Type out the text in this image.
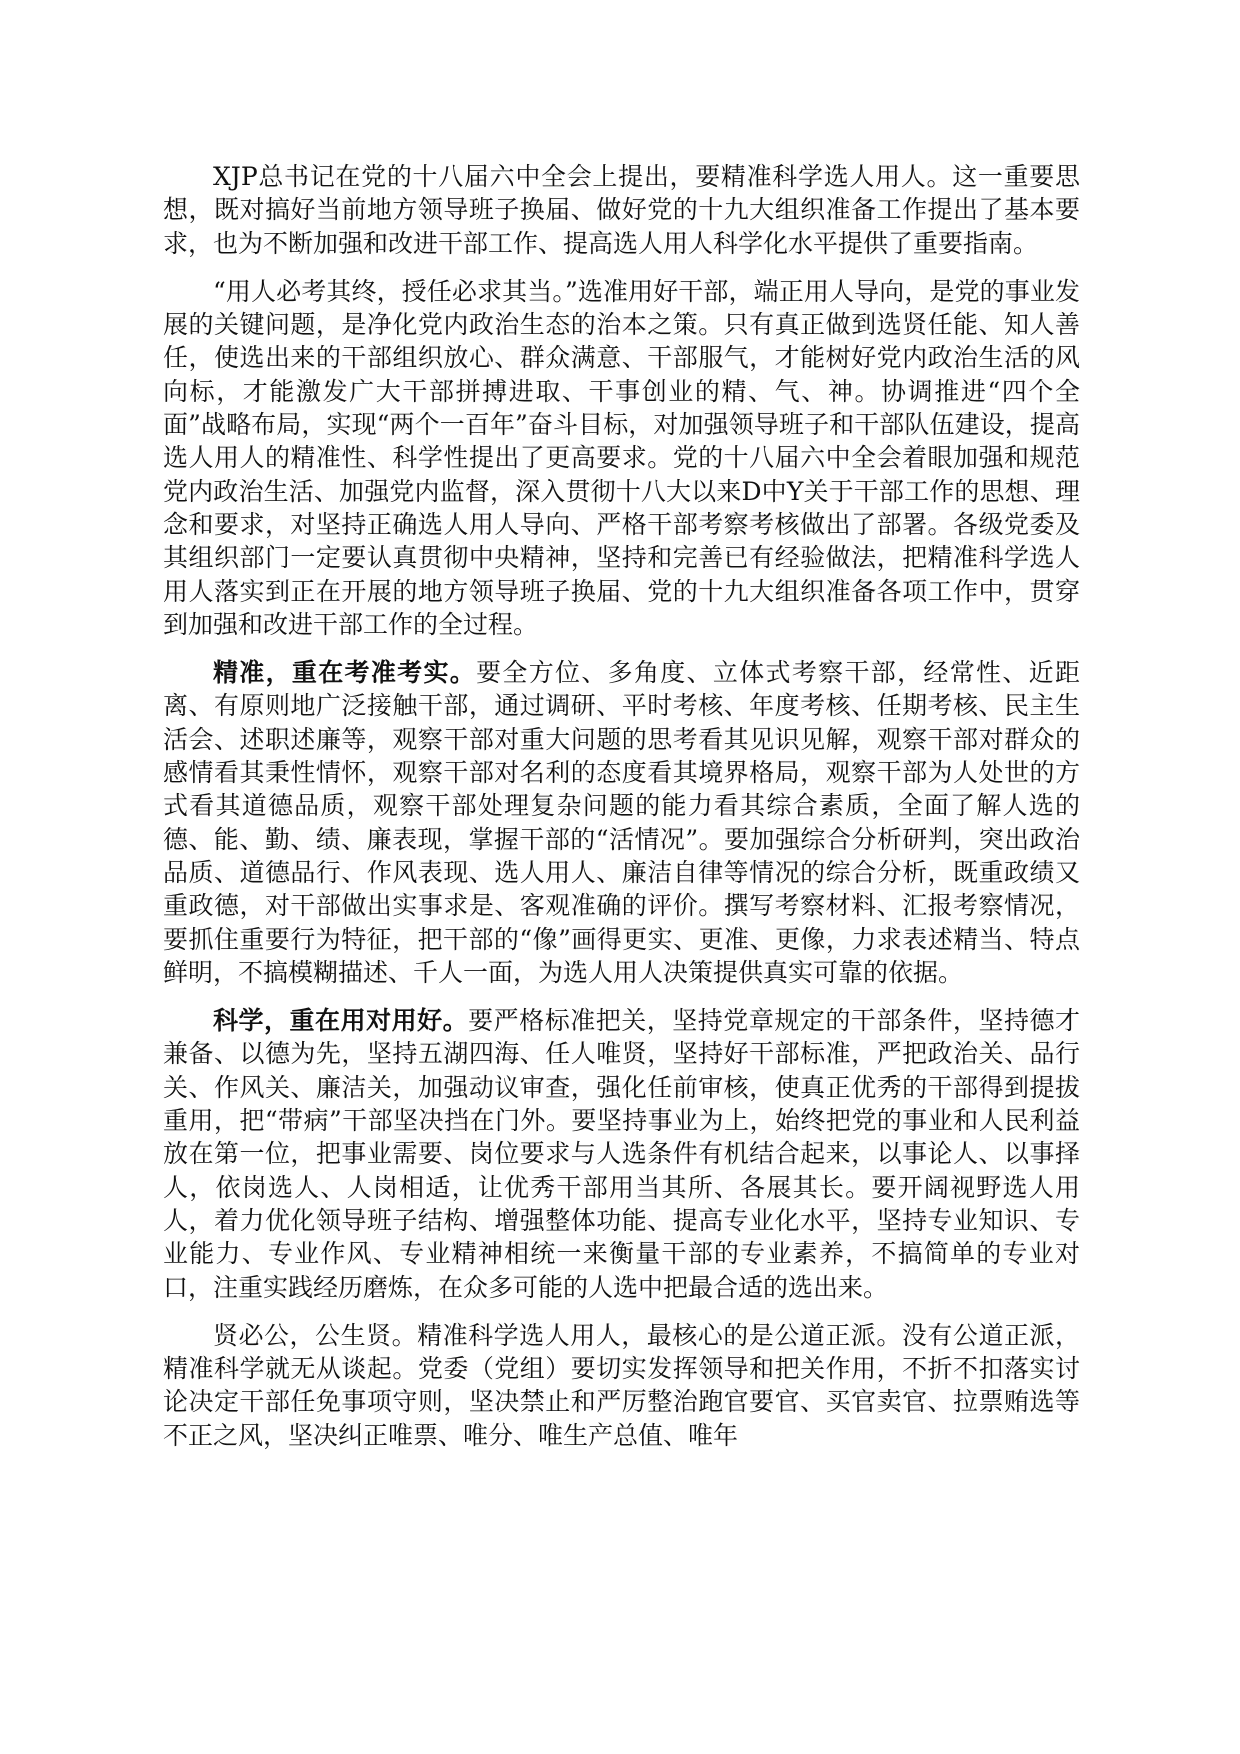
XJP总书记在党的十八届六中全会上提出，要精准科学选人用人。这一重要思想，既对搞好当前地方领导班子换届、做好党的十九大组织准备工作提出了基本要求，也为不断加强和改进干部工作、提高选人用人科学化水平提供了重要指南。

“用人必考其终，授任必求其当。”选准用好干部，端正用人导向，是党的事业发展的关键问题，是净化党内政治生态的治本之策。只有真正做到选贤任能、知人善任，使选出来的干部组织放心、群众满意、干部服气，才能树好党内政治生活的风向标，才能激发广大干部拼搏进取、干事创业的精、气、神。协调推进“四个全面”战略布局，实现“两个一百年”奋斗目标，对加强领导班子和干部队伍建设，提高选人用人的精准性、科学性提出了更高要求。党的十八届六中全会着眼加强和规范党内政治生活、加强党内监督，深入贯彻十八大以来D中Y关于干部工作的思想、理念和要求，对坚持正确选人用人导向、严格干部考察考核做出了部署。各级党委及其组织部门一定要认真贯彻中央精神，坚持和完善已有经验做法，把精准科学选人用人落实到正在开展的地方领导班子换届、党的十九大组织准备各项工作中，贯穿到加强和改进干部工作的全过程。

精准，重在考准考实。要全方位、多角度、立体式考察干部，经常性、近距离、有原则地广泛接触干部，通过调研、平时考核、年度考核、任期考核、民主生活会、述职述廉等，观察干部对重大问题的思考看其见识见解，观察干部对群众的感情看其秉性情怀，观察干部对名利的态度看其境界格局，观察干部为人处世的方式看其道德品质，观察干部处理复杂问题的能力看其综合素质，全面了解人选的德、能、勤、绩、廉表现，掌握干部的“活情况”。要加强综合分析研判，突出政治品质、道德品行、作风表现、选人用人、廉洁自律等情况的综合分析，既重政绩又重政德，对干部做出实事求是、客观准确的评价。撰写考察材料、汇报考察情况，要抓住重要行为特征，把干部的“像”画得更实、更准、更像，力求表述精当、特点鲜明，不搞模糊描述、千人一面，为选人用人决策提供真实可靠的依据。

科学，重在用对用好。要严格标准把关，坚持党章规定的干部条件，坚持德才兼备、以德为先，坚持五湖四海、任人唯贤，坚持好干部标准，严把政治关、品行关、作风关、廉洁关，加强动议审查，强化任前审核，使真正优秀的干部得到提拔重用，把“带病”干部坚决挡在门外。要坚持事业为上，始终把党的事业和人民利益放在第一位，把事业需要、岗位要求与人选条件有机结合起来，以事论人、以事择人，依岗选人、人岗相适，让优秀干部用当其所、各展其长。要开阔视野选人用人，着力优化领导班子结构、增强整体功能、提高专业化水平，坚持专业知识、专业能力、专业作风、专业精神相统一来衡量干部的专业素养，不搞简单的专业对口，注重实践经历磨炼，在众多可能的人选中把最合适的选出来。

贤必公，公生贤。精准科学选人用人，最核心的是公道正派。没有公道正派，精准科学就无从谈起。党委（党组）要切实发挥领导和把关作用，不折不扣落实讨论决定干部任免事项守则，坚决禁止和严厉整治跑官要官、买官卖官、拉票贿选等不正之风，坚决纠正唯票、唯分、唯生产总值、唯年
